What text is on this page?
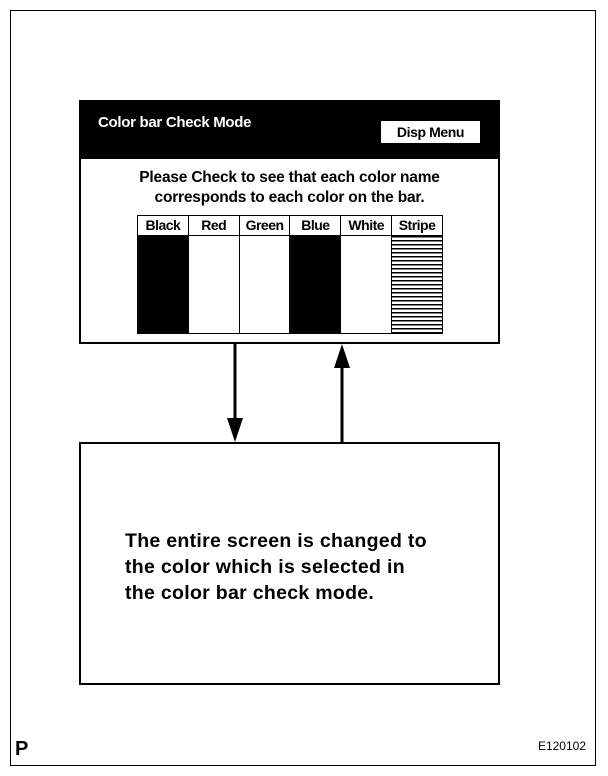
Color bar Check Mode
Disp Menu
Please Check to see that each color name
corresponds to each color on the bar.
Black	Red	Green	Blue	White	Stripe
The entire screen is changed to
the color which is selected in
the color bar check mode.
P	E120102
